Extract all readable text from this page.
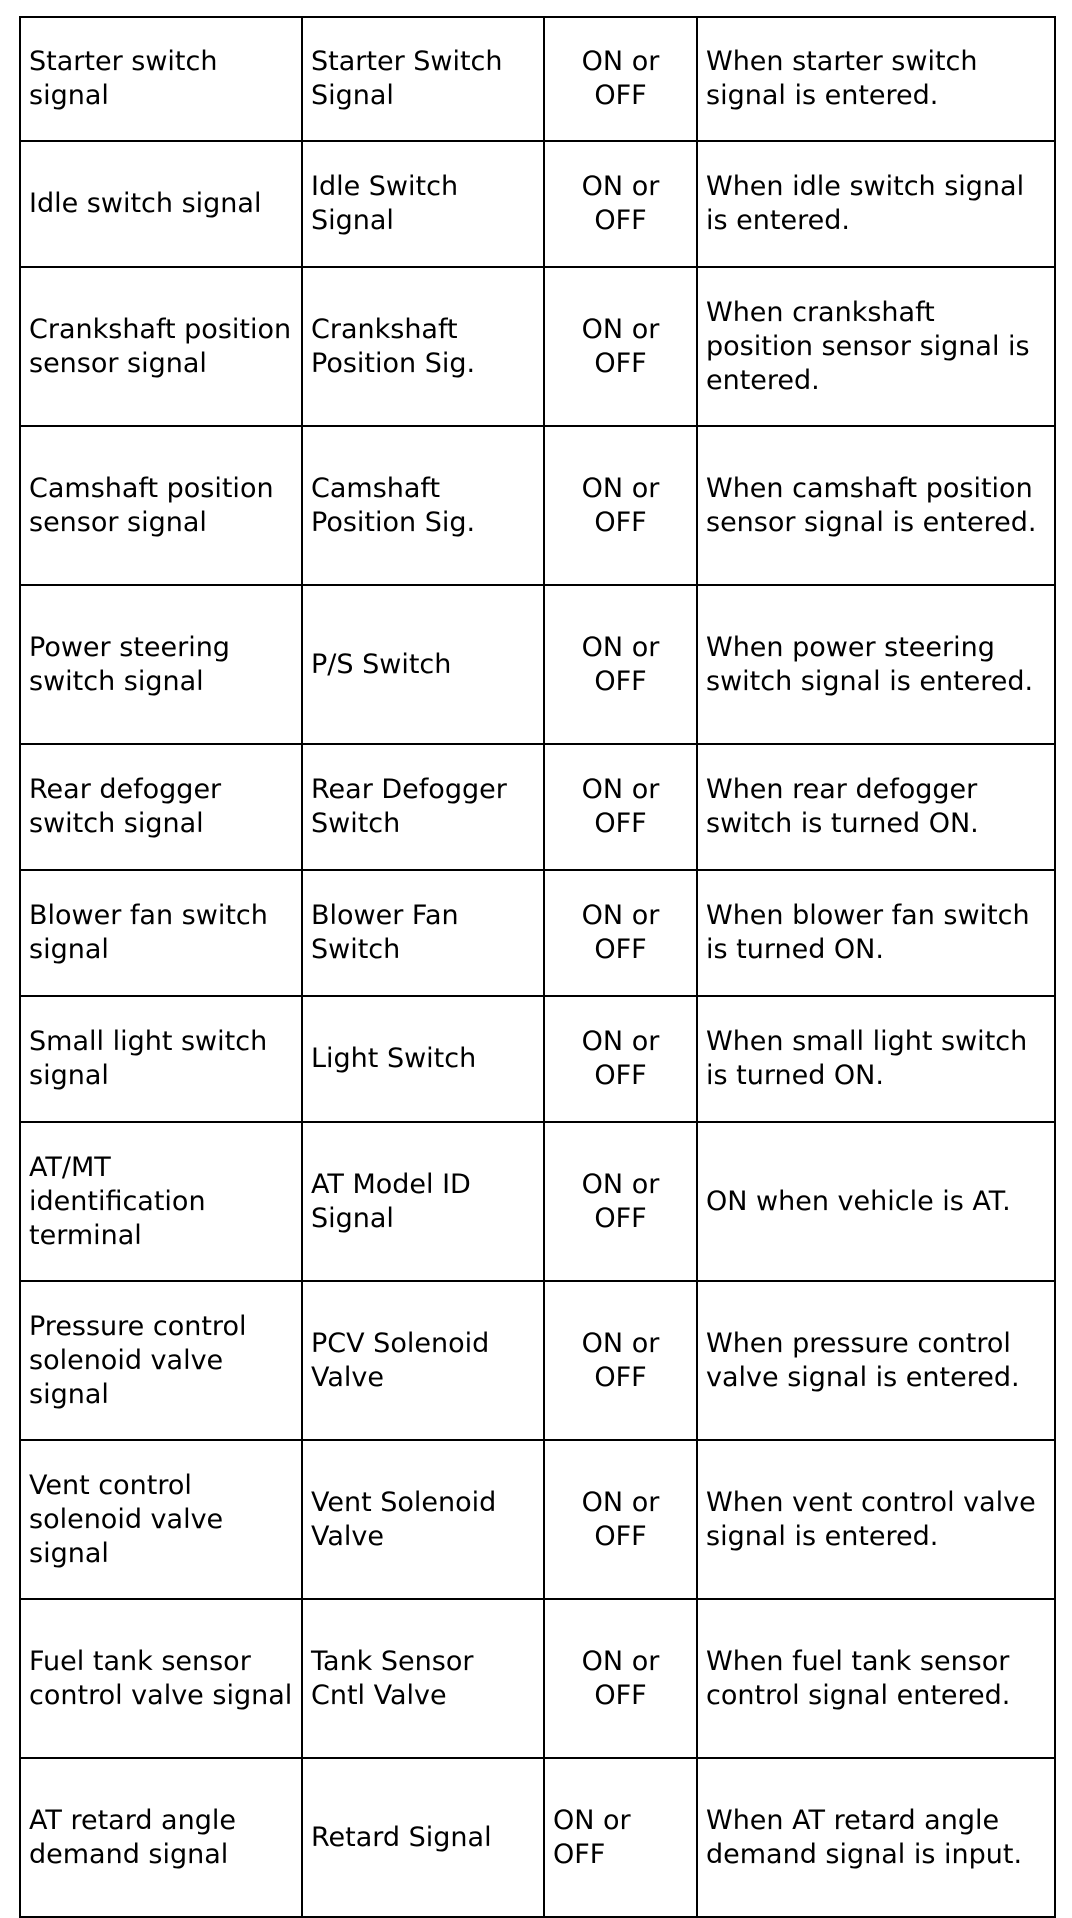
Starter switch signal	Starter Switch Signal	ON or OFF	When starter switch signal is entered.
Idle switch signal	Idle Switch Signal	ON or OFF	When idle switch signal is entered.
Crankshaft position sensor signal	Crankshaft Position Sig.	ON or OFF	When crankshaft position sensor signal is entered.
Camshaft position sensor signal	Camshaft Position Sig.	ON or OFF	When camshaft position sensor signal is entered.
Power steering switch signal	P/S Switch	ON or OFF	When power steering switch signal is entered.
Rear defogger switch signal	Rear Defogger Switch	ON or OFF	When rear defogger switch is turned ON.
Blower fan switch signal	Blower Fan Switch	ON or OFF	When blower fan switch is turned ON.
Small light switch signal	Light Switch	ON or OFF	When small light switch is turned ON.
AT/MT identification terminal	AT Model ID Signal	ON or OFF	ON when vehicle is AT.
Pressure control solenoid valve signal	PCV Solenoid Valve	ON or OFF	When pressure control valve signal is entered.
Vent control solenoid valve signal	Vent Solenoid Valve	ON or OFF	When vent control valve signal is entered.
Fuel tank sensor control valve signal	Tank Sensor Cntl Valve	ON or OFF	When fuel tank sensor control signal entered.
AT retard angle demand signal	Retard Signal	ON or OFF	When AT retard angle demand signal is input.
